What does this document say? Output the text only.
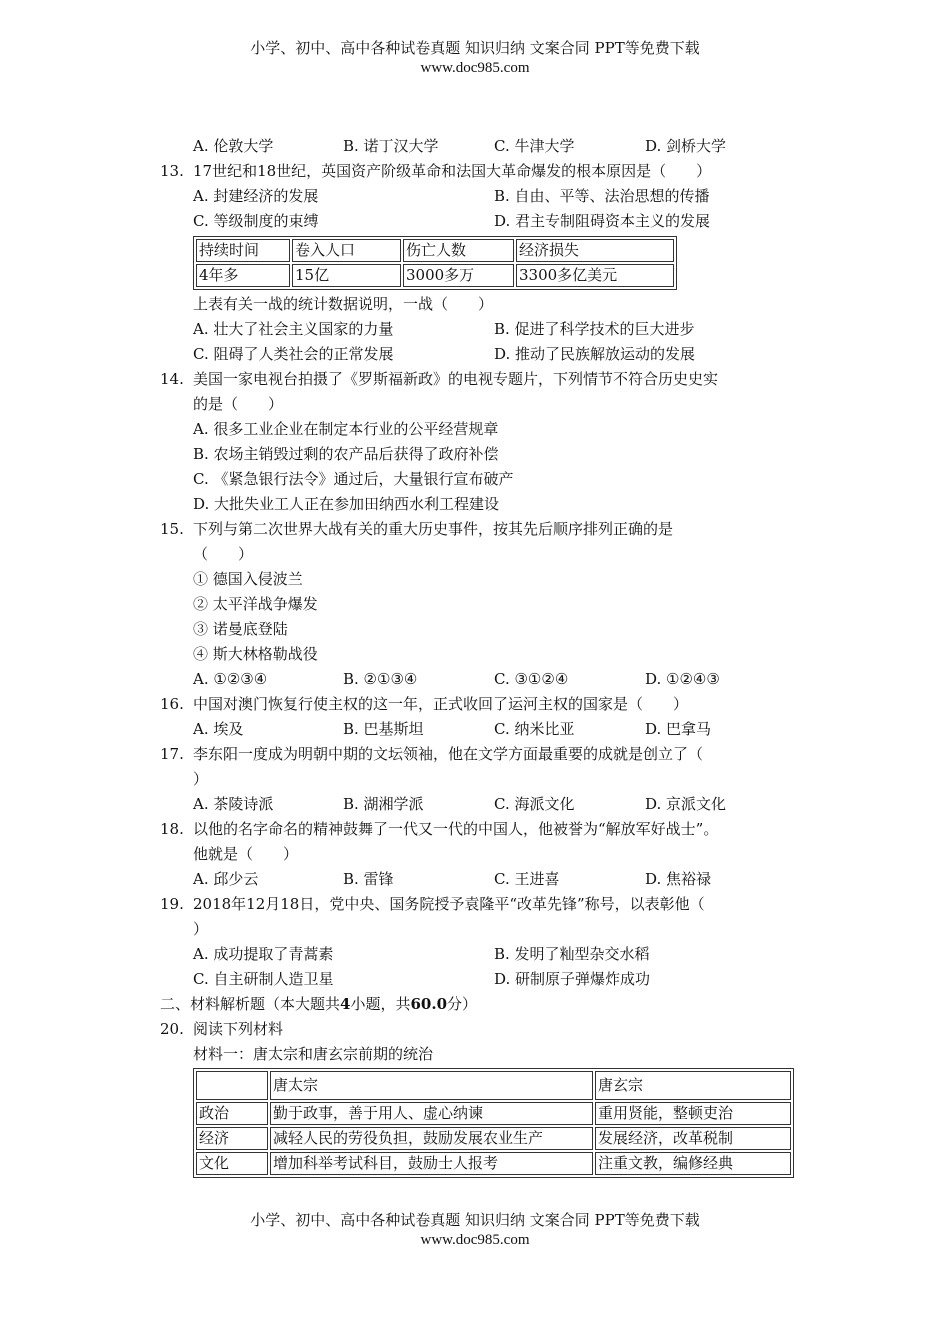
小学、初中、高中各种试卷真题 知识归纳 文案合同 PPT等免费下载
www.doc985.com
A. 伦敦大学	B. 诺丁汉大学	C. 牛津大学	D. 剑桥大学
13. 17世纪和18世纪，英国资产阶级革命和法国大革命爆发的根本原因是（　　）
A. 封建经济的发展	B. 自由、平等、法治思想的传播
C. 等级制度的束缚	D. 君主专制阻碍资本主义的发展
持续时间	卷入人口	伤亡人数	经济损失
4年多	15亿	3000多万	3300多亿美元
上表有关一战的统计数据说明，一战（　　）
A. 壮大了社会主义国家的力量	B. 促进了科学技术的巨大进步
C. 阻碍了人类社会的正常发展	D. 推动了民族解放运动的发展
14. 美国一家电视台拍摄了《罗斯福新政》的电视专题片，下列情节不符合历史史实
的是（　　）
A. 很多工业企业在制定本行业的公平经营规章
B. 农场主销毁过剩的农产品后获得了政府补偿
C. 《紧急银行法令》通过后，大量银行宣布破产
D. 大批失业工人正在参加田纳西水利工程建设
15. 下列与第二次世界大战有关的重大历史事件，按其先后顺序排列正确的是
（　　）
① 德国入侵波兰
② 太平洋战争爆发
③ 诺曼底登陆
④ 斯大林格勒战役
A. ①②③④	B. ②①③④	C. ③①②④	D. ①②④③
16. 中国对澳门恢复行使主权的这一年，正式收回了运河主权的国家是（　　）
A. 埃及	B. 巴基斯坦	C. 纳米比亚	D. 巴拿马
17. 李东阳一度成为明朝中期的文坛领袖，他在文学方面最重要的成就是创立了（
）
A. 茶陵诗派	B. 湖湘学派	C. 海派文化	D. 京派文化
18. 以他的名字命名的精神鼓舞了一代又一代的中国人，他被誉为“解放军好战士”。
他就是（　　）
A. 邱少云	B. 雷锋	C. 王进喜	D. 焦裕禄
19. 2018年12月18日，党中央、国务院授予袁隆平“改革先锋”称号，以表彰他（
）
A. 成功提取了青蒿素	B. 发明了籼型杂交水稻
C. 自主研制人造卫星	D. 研制原子弹爆炸成功
二、材料解析题（本大题共4小题，共60.0分）
20. 阅读下列材料
材料一：唐太宗和唐玄宗前期的统治
	唐太宗	唐玄宗
政治	勤于政事，善于用人、虚心纳谏	重用贤能，整顿吏治
经济	减轻人民的劳役负担，鼓励发展农业生产	发展经济，改革税制
文化	增加科举考试科目，鼓励士人报考	注重文教，编修经典
小学、初中、高中各种试卷真题 知识归纳 文案合同 PPT等免费下载
www.doc985.com
